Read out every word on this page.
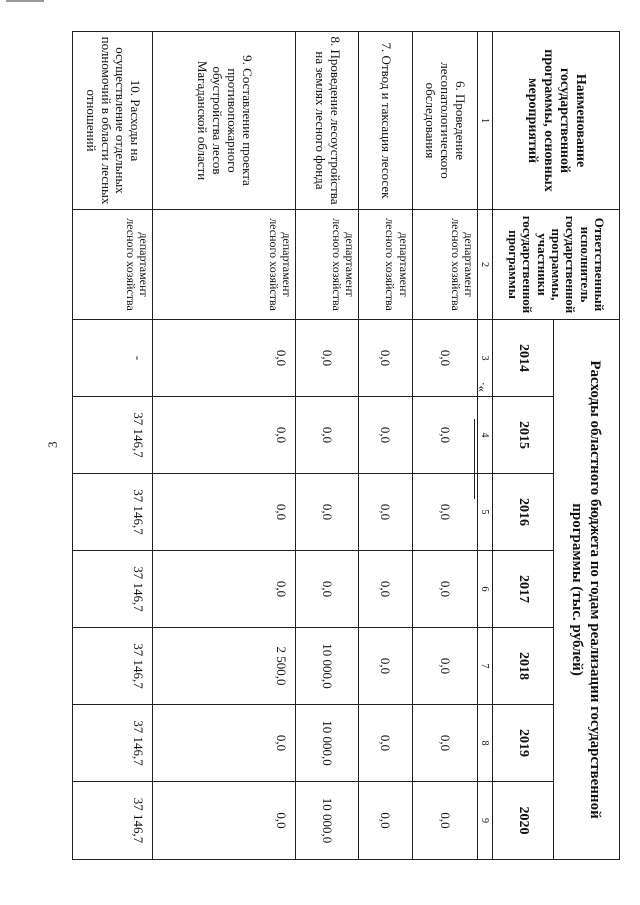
3
».
Наименование государственной программы, основных мероприятий	Ответственный исполнитель государственной программы, участники государственной программы	Расходы областного бюджета по годам реализации государственной программы (тыс. рублей)						
		2014	2015	2016	2017	2018	2019	2020
1	2	3	4	5	6	7	8	9
6. Проведение лесопатологического обследования	департамент лесного хозяйства	0,0	0,0	0,0	0,0	0,0	0,0	0,0
7. Отвод и таксация лесосек	департамент лесного хозяйства	0,0	0,0	0,0	0,0	0,0	0,0	0,0
8. Проведение лесоустройства на землях лесного фонда	департамент лесного хозяйства	0,0	0,0	0,0	0,0	10 000,0	10 000,0	10 000,0
9. Составление проекта противопожарного обустройства лесов Магаданской области	департамент лесного хозяйства	0,0	0,0	0,0	0,0	2 500,0	0,0	0,0
10. Расходы на осуществление отдельных полномочий в области лесных отношений	департамент лесного хозяйства	-	37 146,7	37 146,7	37 146,7	37 146,7	37 146,7	37 146,7
